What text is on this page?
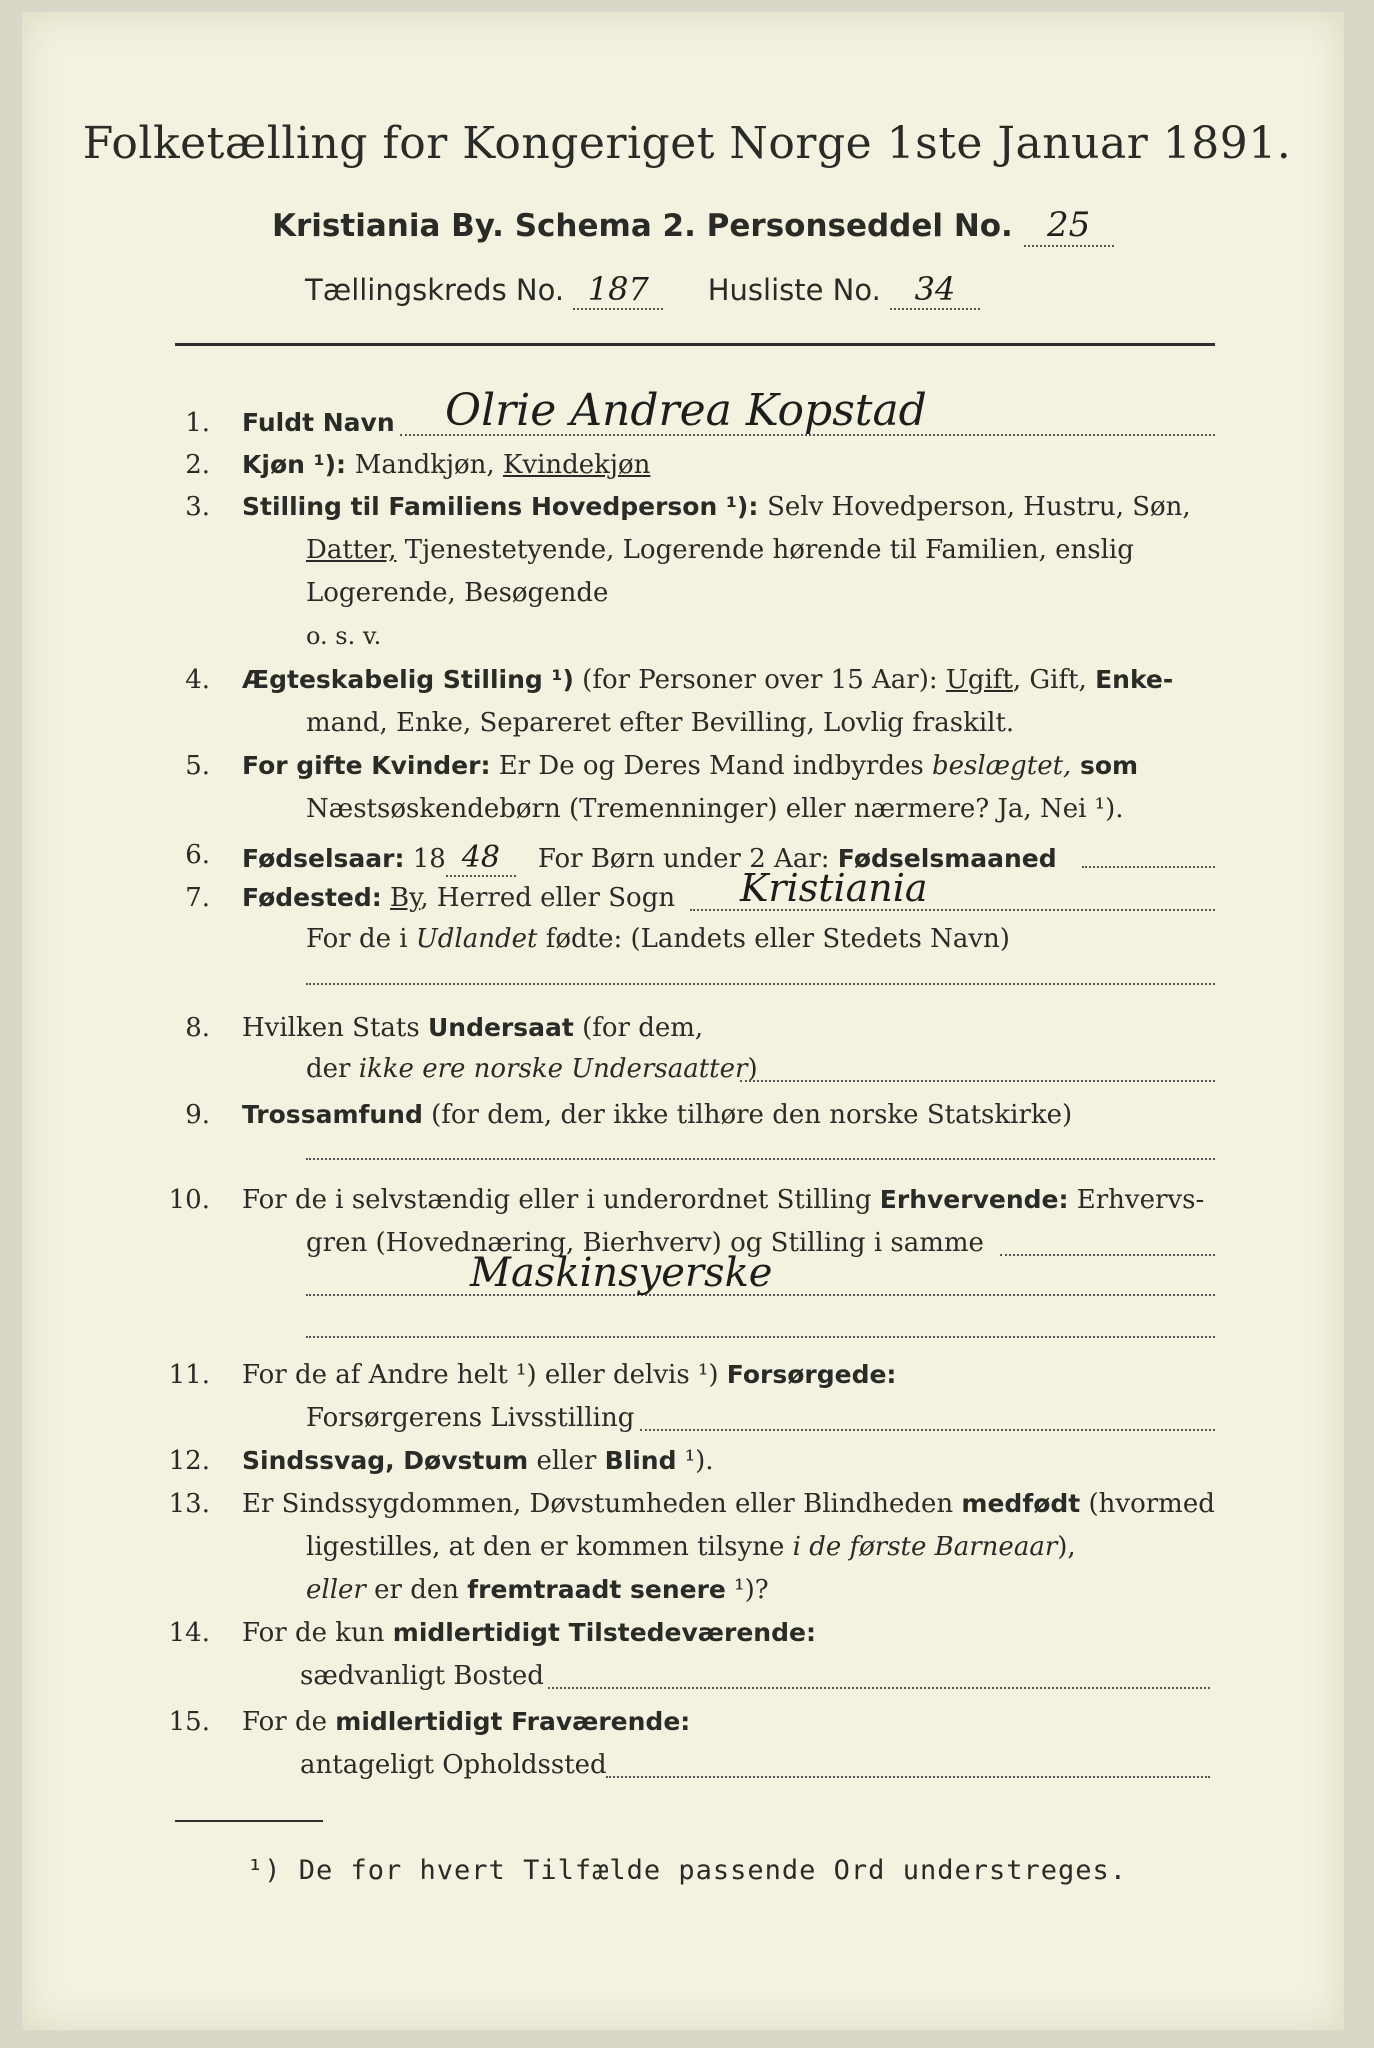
Folketælling for Kongeriget Norge 1ste Januar 1891.
Kristiania By. Schema 2. Personseddel No. 25
Tællingskreds No. 187 Husliste No. 34
1. Fuldt Navn Olrie Andrea Kopstad
2. Kjøn ¹): Mandkjøn, Kvindekjøn
3. Stilling til Familiens Hovedperson ¹): Selv Hovedperson, Hustru, Søn,
Datter, Tjenestetyende, Logerende hørende til Familien, enslig
Logerende, Besøgende
o. s. v.
4. Ægteskabelig Stilling ¹) (for Personer over 15 Aar): Ugift, Gift, Enke-
mand, Enke, Separeret efter Bevilling, Lovlig fraskilt.
5. For gifte Kvinder: Er De og Deres Mand indbyrdes beslægtet, som
Næstsøskendebørn (Tremenninger) eller nærmere? Ja, Nei ¹).
6. Fødselsaar: 18 48 For Børn under 2 Aar: Fødselsmaaned
7. Fødested: By, Herred eller Sogn Kristiania
For de i Udlandet fødte: (Landets eller Stedets Navn)
8. Hvilken Stats Undersaat (for dem,
der ikke ere norske Undersaatter)
9. Trossamfund (for dem, der ikke tilhøre den norske Statskirke)
10. For de i selvstændig eller i underordnet Stilling Erhvervende: Erhvervs-
gren (Hovednæring, Bierhverv) og Stilling i samme
Maskinsyerske
11. For de af Andre helt ¹) eller delvis ¹) Forsørgede:
Forsørgerens Livsstilling
12. Sindssvag, Døvstum eller Blind ¹).
13. Er Sindssygdommen, Døvstumheden eller Blindheden medfødt (hvormed
ligestilles, at den er kommen tilsyne i de første Barneaar),
eller er den fremtraadt senere ¹)?
14. For de kun midlertidigt Tilstedeværende:
sædvanligt Bosted
15. For de midlertidigt Fraværende:
antageligt Opholdssted
¹) De for hvert Tilfælde passende Ord understreges.
